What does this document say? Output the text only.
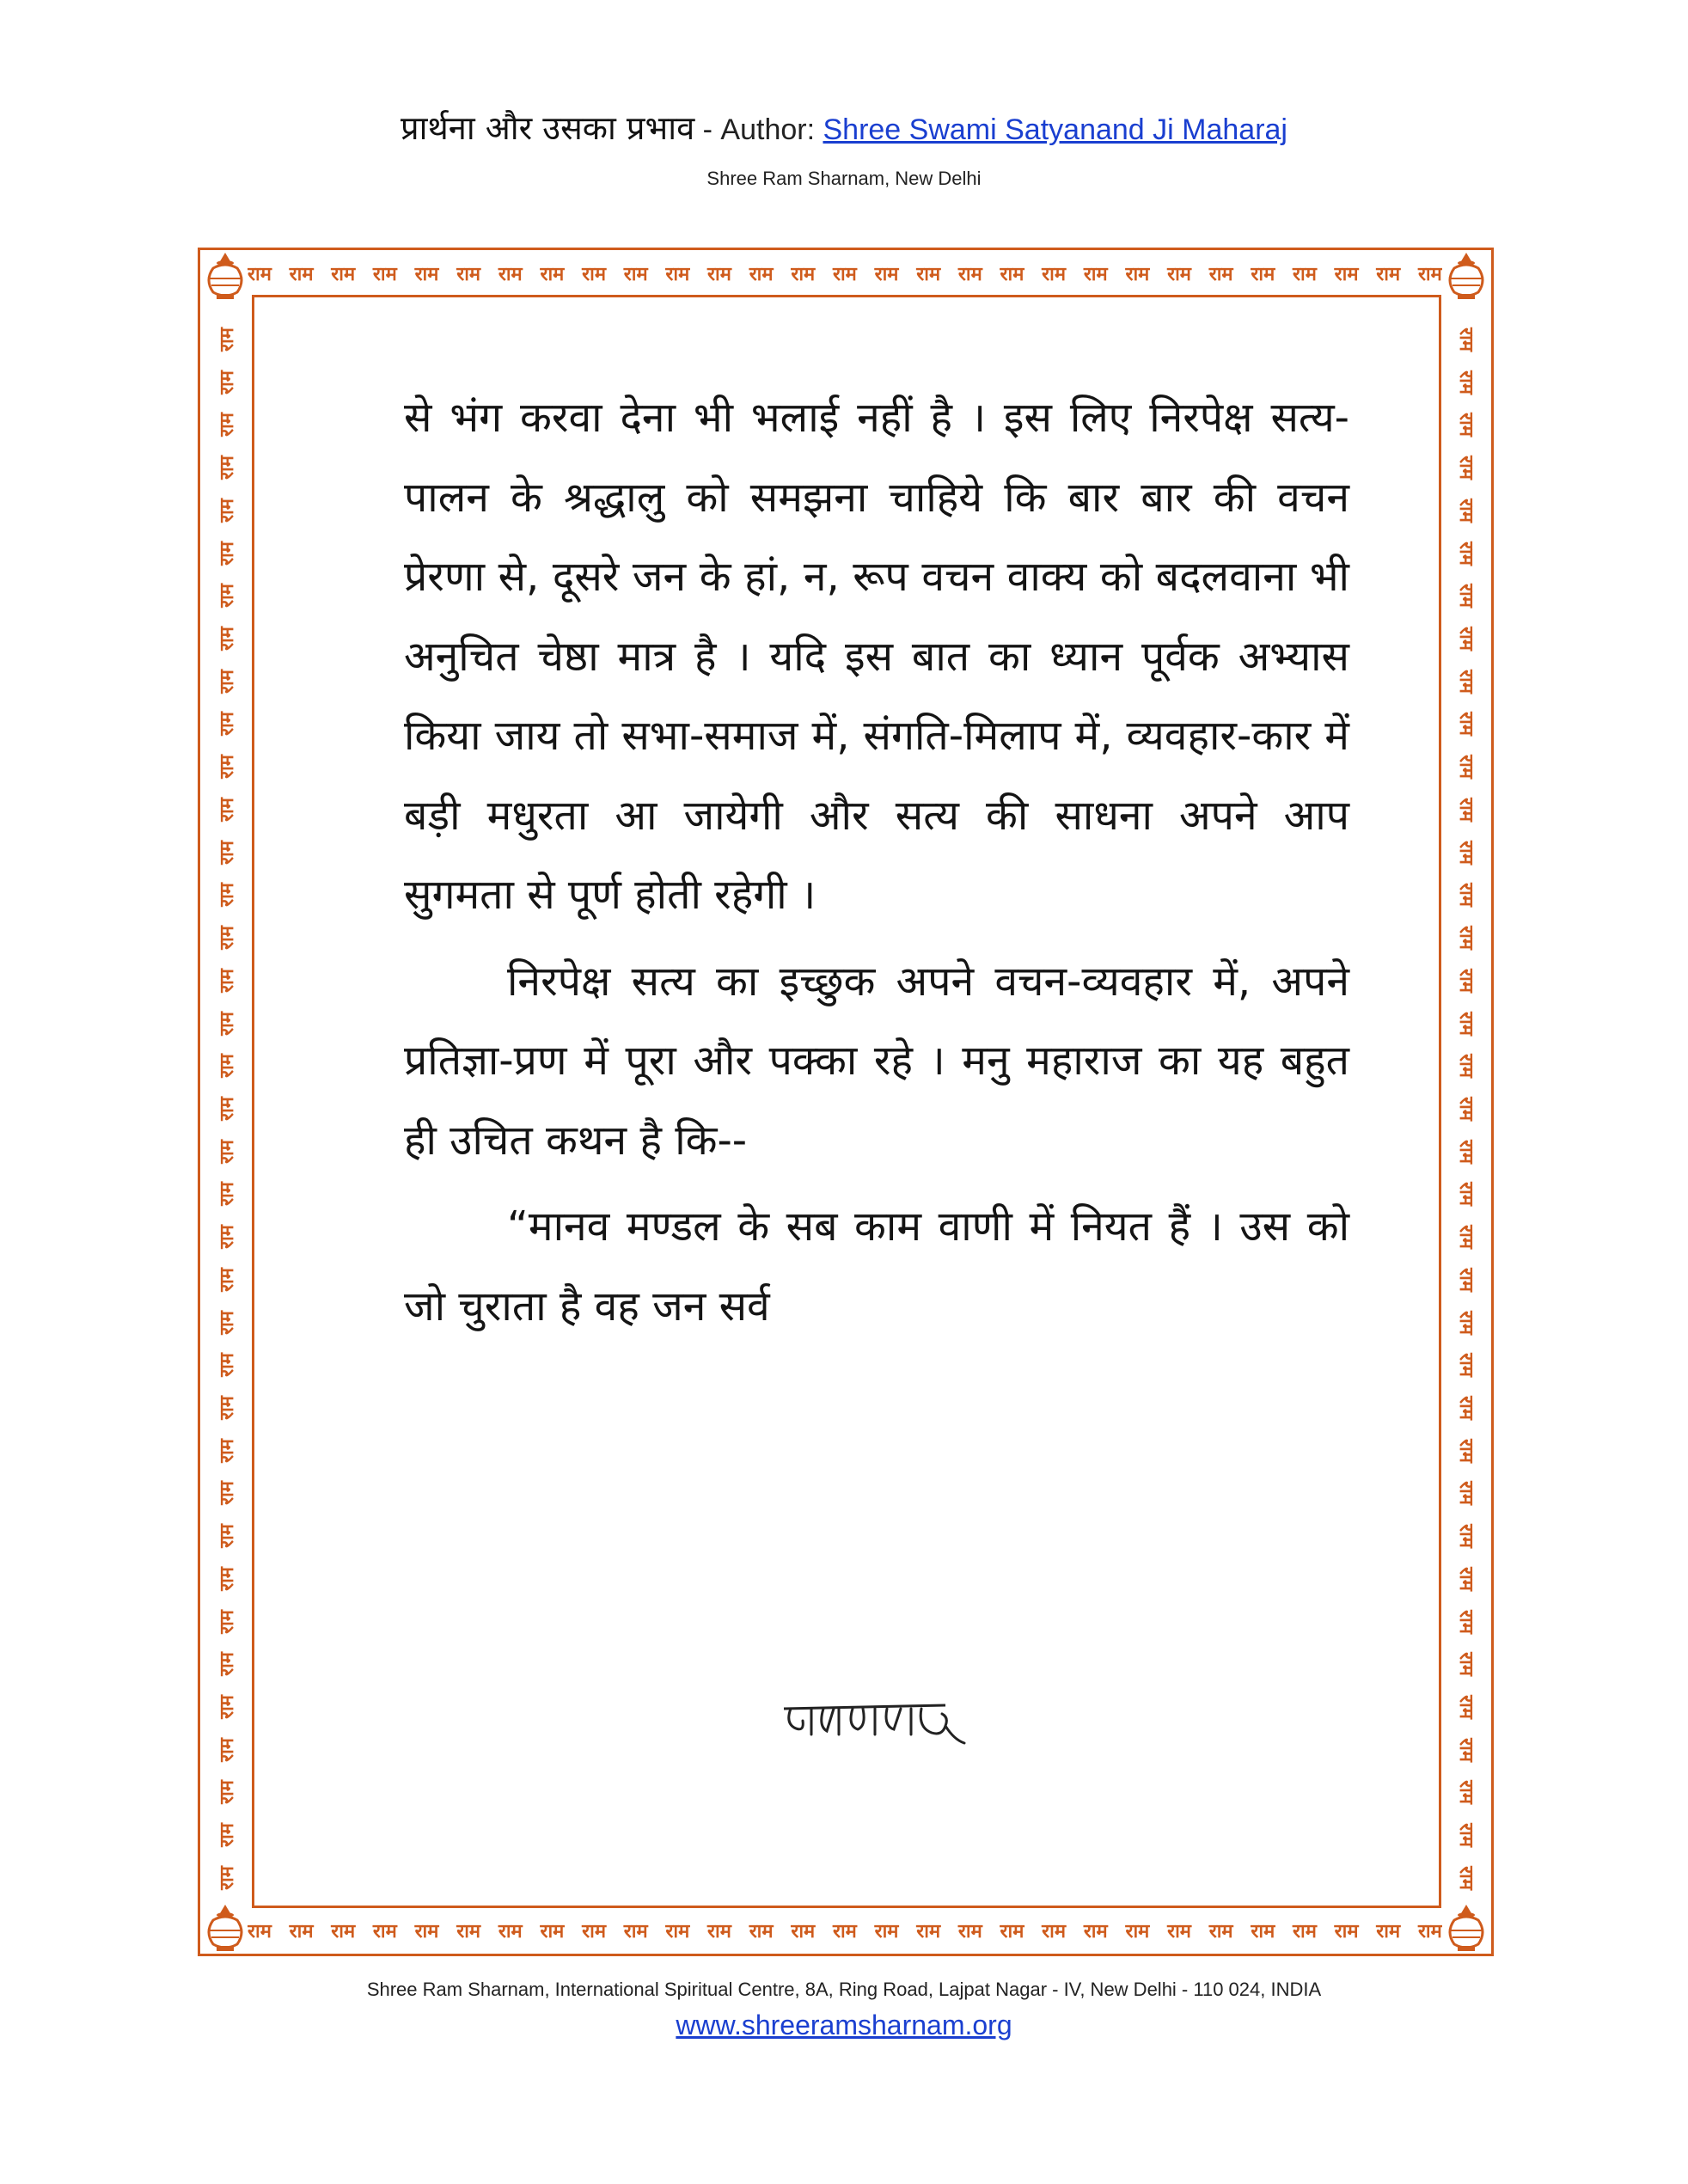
प्रार्थना और उसका प्रभाव - Author: Shree Swami Satyanand Ji Maharaj
Shree Ram Sharnam, New Delhi
राम राम राम राम राम राम राम राम राम राम राम राम राम राम राम राम राम राम राम राम राम राम राम राम राम राम राम राम राम
राम राम राम राम राम राम राम राम राम राम राम राम राम राम राम राम राम राम राम राम राम राम राम राम राम राम राम राम राम
राम
राम
राम
राम
राम
राम
राम
राम
राम
राम
राम
राम
राम
राम
राम
राम
राम
राम
राम
राम
राम
राम
राम
राम
राम
राम
राम
राम
राम
राम
राम
राम
राम
राम
राम
राम
राम
राम
राम
राम
राम
राम
राम
राम
राम
राम
राम
राम
राम
राम
राम
राम
राम
राम
राम
राम
राम
राम
राम
राम
राम
राम
राम
राम
राम
राम
राम
राम
राम
राम
राम
राम
राम
राम

से भंग करवा देना भी भलाई नहीं है । इस लिए निरपेक्ष सत्य-पालन के श्रद्धालु को समझना चाहिये कि बार बार की वचन प्रेरणा से, दूसरे जन के हां, न, रूप वचन वाक्य को बदलवाना भी अनुचित चेष्ठा मात्र है । यदि इस बात का ध्यान पूर्वक अभ्यास किया जाय तो सभा-समाज में, संगति-मिलाप में, व्यवहार-कार में बड़ी मधुरता आ जायेगी और सत्य की साधना अपने आप सुगमता से पूर्ण होती रहेगी ।

निरपेक्ष सत्य का इच्छुक अपने वचन-व्यवहार में, अपने प्रतिज्ञा-प्रण में पूरा और पक्का रहे । मनु महाराज का यह बहुत ही उचित कथन है कि--

“मानव मण्डल के सब काम वाणी में नियत हैं । उस को जो चुराता है वह जन सर्व

Shree Ram Sharnam, International Spiritual Centre, 8A, Ring Road, Lajpat Nagar - IV, New Delhi - 110 024, INDIA
www.shreeramsharnam.org
